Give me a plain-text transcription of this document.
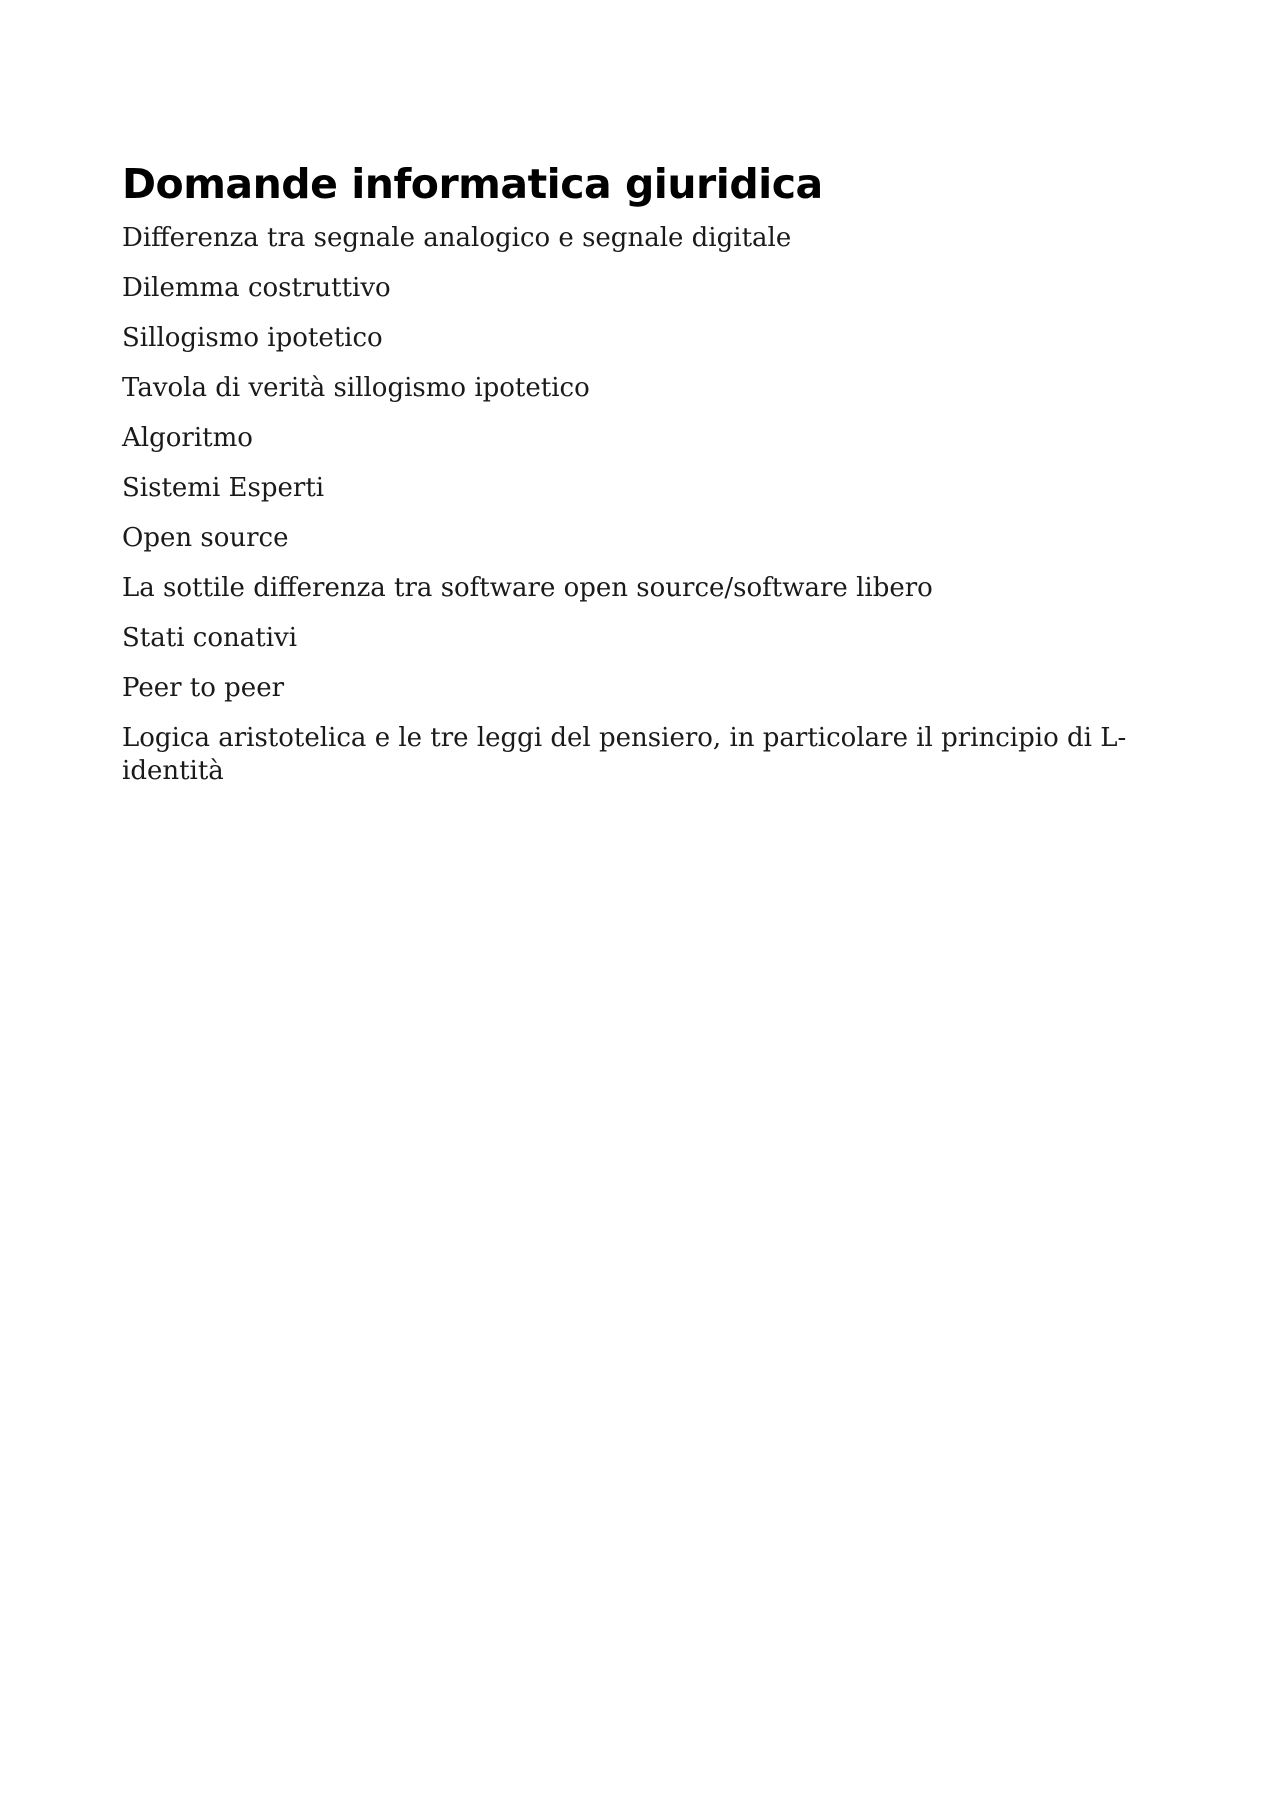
Domande informatica giuridica
Differenza tra segnale analogico e segnale digitale
Dilemma costruttivo
Sillogismo ipotetico
Tavola di verità sillogismo ipotetico
Algoritmo
Sistemi Esperti
Open source
La sottile differenza tra software open source/software libero
Stati conativi
Peer to peer
Logica aristotelica e le tre leggi del pensiero, in particolare il principio di L-identità
